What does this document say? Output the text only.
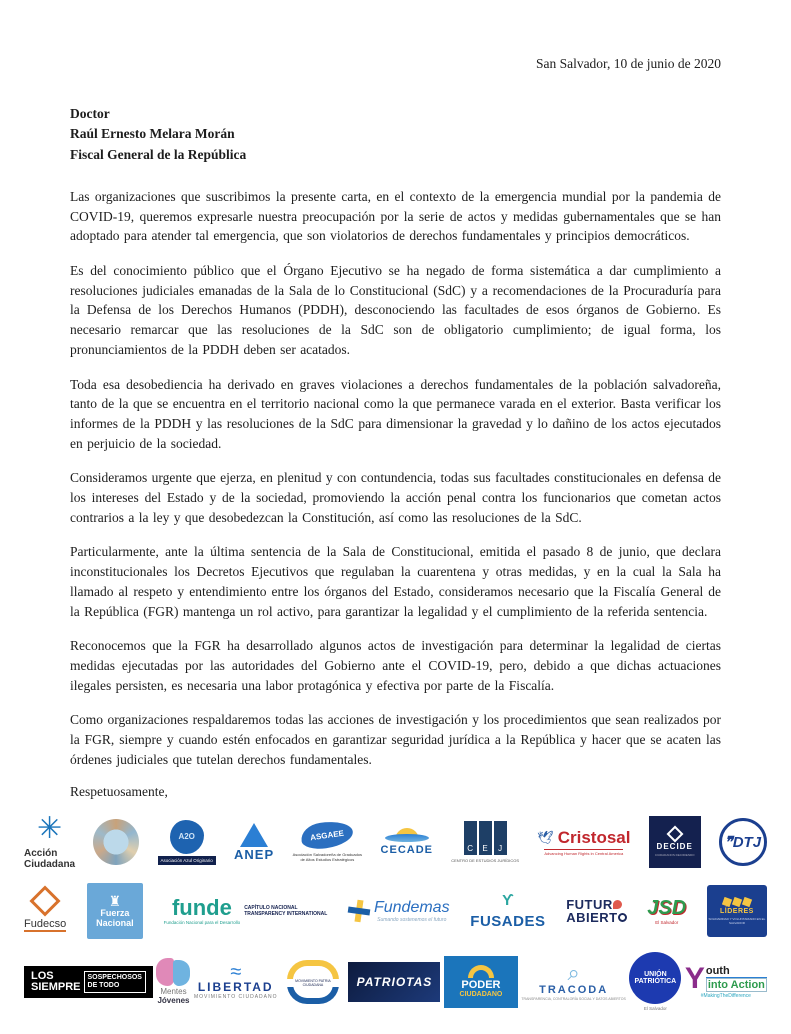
San Salvador, 10 de junio de 2020
Doctor
Raúl Ernesto Melara Morán
Fiscal General de la República

Las organizaciones que suscribimos la presente carta, en el contexto de la emergencia mundial por la pandemia de COVID-19, queremos expresarle nuestra preocupación por la serie de actos y medidas gubernamentales que se han adoptado para atender tal emergencia, que son violatorios de derechos fundamentales y principios democráticos.

Es del conocimiento público que el Órgano Ejecutivo se ha negado de forma sistemática a dar cumplimiento a resoluciones judiciales emanadas de la Sala de lo Constitucional (SdC) y a recomendaciones de la Procuraduría para la Defensa de los Derechos Humanos (PDDH), desconociendo las facultades de esos órganos de Gobierno. Es necesario remarcar que las resoluciones de la SdC son de obligatorio cumplimiento; de igual forma, los pronunciamientos de la PDDH deben ser acatados.

Toda esa desobediencia ha derivado en graves violaciones a derechos fundamentales de la población salvadoreña, tanto de la que se encuentra en el territorio nacional como la que permanece varada en el exterior. Basta verificar los informes de la PDDH y las resoluciones de la SdC para dimensionar la gravedad y lo dañino de los actos ejecutados en perjuicio de la sociedad.

Consideramos urgente que ejerza, en plenitud y con contundencia, todas sus facultades constitucionales en defensa de los intereses del Estado y de la sociedad, promoviendo la acción penal contra los funcionarios que cometan actos contrarios a la ley y que desobedezcan la Constitución, así como las resoluciones de la SdC.

Particularmente, ante la última sentencia de la Sala de Constitucional, emitida el pasado 8 de junio, que declara inconstitucionales los Decretos Ejecutivos que regulaban la cuarentena y otras medidas, y en la cual la Sala ha llamado al respeto y entendimiento entre los órganos del Estado, consideramos necesario que la Fiscalía General de la República (FGR) mantenga un rol activo, para garantizar la legalidad y el cumplimiento de la referida sentencia.

Reconocemos que la FGR ha desarrollado algunos actos de investigación para determinar la legalidad de ciertas medidas ejecutadas por las autoridades del Gobierno ante el COVID-19, pero, debido a que dichas actuaciones ilegales persisten, es necesaria una labor protagónica y efectiva por parte de la Fiscalía.

Como organizaciones respaldaremos todas las acciones de investigación y los procedimientos que sean realizados por la FGR, siempre y cuando estén enfocados en garantizar seguridad jurídica a la República y hacer que se acaten las órdenes judiciales que tutelan derechos fundamentales.

Respetuosamente,
✳
Acción
Ciudadana
A2O
Asociación Azul Originario ANEP
ASGAEE
Asociación Salvadoreña de Graduados de Altos Estudios Estratégicos
CECADE	C	E	J
CENTRO DE ESTUDIOS JURÍDICOS
🕊 Cristosal
Advancing Human Rights in Central America
DECIDE
CIUDADANOS DECIDIENDO
❞DTJ
Fudecso
♜
Fuerza
Nacional
funde
Fundación Nacional para el Desarrollo
CAPÍTULO NACIONAL
TRANSPARENCY INTERNATIONAL	Fundemas
Sumando sostenemos el futuro
ϒ
FUSADES
FUTUR
ABIERT	JSD
El Salvador
LÍDERES
SOLIDARIDAD Y VOLUNTARIADO EN EL SALVADOR
LOS
SIEMPRE
SOSPECHOSOS
DE TODO
Mentes
Jóvenes
≈
LIBERTAD
MOVIMIENTO CIUDADANO
MOVIMIENTO PATRIA CIUDADANA	PATRIOTAS	PODER
CIUDADANO
⌕
TRACODA
TRANSPARENCIA, CONTRALORÍA SOCIAL Y DATOS ABIERTOS
UNIÓN
PATRIÓTICA
El Salvador
Y outh
into Action
#MakingTheDifference
